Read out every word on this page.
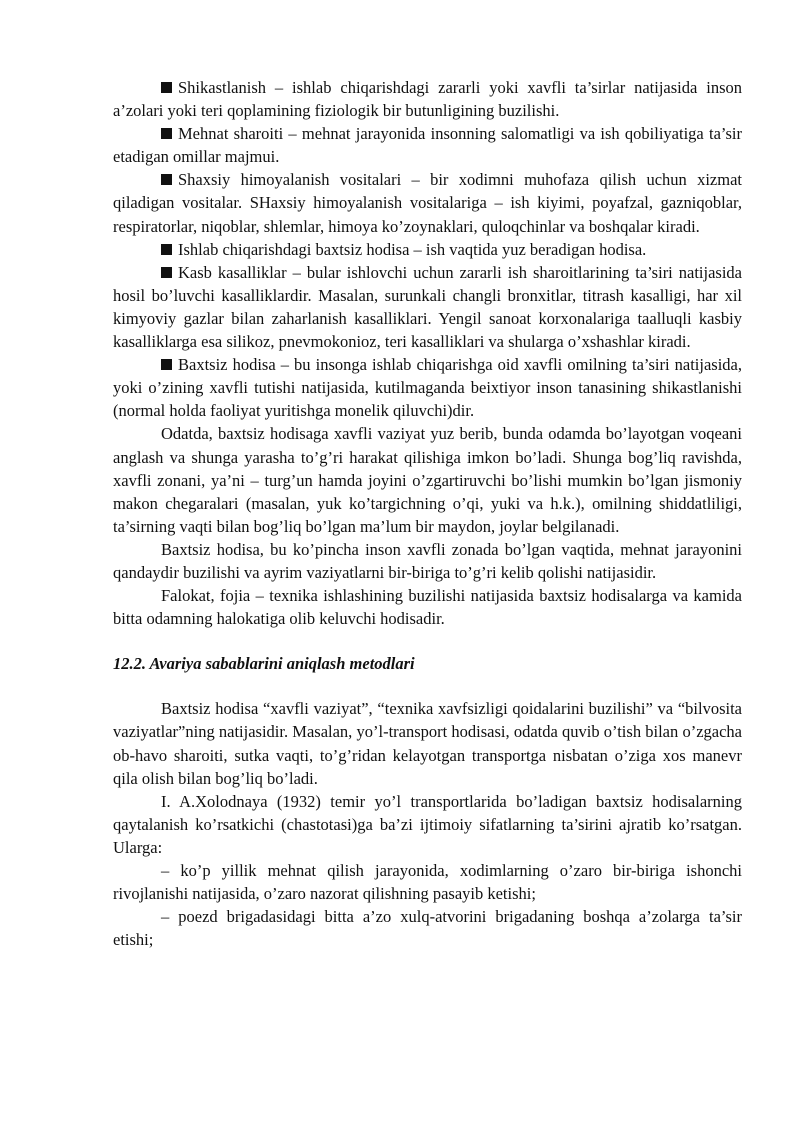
Shikastlanish – ishlab chiqarishdagi zararli yoki xavfli ta’sirlar natijasida inson a’zolari yoki teri qoplamining fiziologik bir butunligining buzilishi.

Mehnat sharoiti – mehnat jarayonida insonning salomatligi va ish qobiliyatiga ta’sir etadigan omillar majmui.

Shaxsiy himoyalanish vositalari – bir xodimni muhofaza qilish uchun xizmat qiladigan vositalar. SHaxsiy himoyalanish vositalariga – ish kiyimi, poyafzal, gazniqoblar, respiratorlar, niqoblar, shlemlar, himoya ko’zoynaklari, quloqchinlar va boshqalar kiradi.

Ishlab chiqarishdagi baxtsiz hodisa – ish vaqtida yuz beradigan hodisa.

Kasb kasalliklar – bular ishlovchi uchun zararli ish sharoitlarining ta’siri natijasida hosil bo’luvchi kasalliklardir. Masalan, surunkali changli bronxitlar, titrash kasalligi, har xil kimyoviy gazlar bilan zaharlanish kasalliklari. Yengil sanoat korxonalariga taalluqli kasbiy kasalliklarga esa silikoz, pnevmokonioz, teri kasalliklari va shularga o’xshashlar kiradi.

Baxtsiz hodisa – bu insonga ishlab chiqarishga oid xavfli omilning ta’siri natijasida, yoki o’zining xavfli tutishi natijasida, kutilmaganda beixtiyor inson tanasining shikastlanishi (normal holda faoliyat yuritishga monelik qiluvchi)dir.

Odatda, baxtsiz hodisaga xavfli vaziyat yuz berib, bunda odamda bo’layotgan voqeani anglash va shunga yarasha to’g’ri harakat qilishiga imkon bo’ladi. Shunga bog’liq ravishda, xavfli zonani, ya’ni – turg’un hamda joyini o’zgartiruvchi bo’lishi mumkin bo’lgan jismoniy makon chegaralari (masalan, yuk ko’targichning o’qi, yuki va h.k.), omilning shiddatliligi, ta’sirning vaqti bilan bog’liq bo’lgan ma’lum bir maydon, joylar belgilanadi.

Baxtsiz hodisa, bu ko’pincha inson xavfli zonada bo’lgan vaqtida, mehnat jarayonini qandaydir buzilishi va ayrim vaziyatlarni bir-biriga to’g’ri kelib qolishi natijasidir.

Falokat, fojia – texnika ishlashining buzilishi natijasida baxtsiz hodisalarga va kamida bitta odamning halokatiga olib keluvchi hodisadir.

12.2. Avariya sabablarini aniqlash metodlari

Baxtsiz hodisa “xavfli vaziyat”, “texnika xavfsizligi qoidalarini buzilishi” va “bilvosita vaziyatlar”ning natijasidir. Masalan, yo’l-transport hodisasi, odatda quvib o’tish bilan o’zgacha ob-havo sharoiti, sutka vaqti, to’g’ridan kelayotgan transportga nisbatan o’ziga xos manevr qila olish bilan bog’liq bo’ladi.

I. A.Xolodnaya (1932) temir yo’l transportlarida bo’ladigan baxtsiz hodisalarning qaytalanish ko’rsatkichi (chastotasi)ga ba’zi ijtimoiy sifatlarning ta’sirini ajratib ko’rsatgan. Ularga:

– ko’p yillik mehnat qilish jarayonida, xodimlarning o’zaro bir-biriga ishonchi rivojlanishi natijasida, o’zaro nazorat qilishning pasayib ketishi;

– poezd brigadasidagi bitta a’zo xulq-atvorini brigadaning boshqa a’zolarga ta’sir etishi;
